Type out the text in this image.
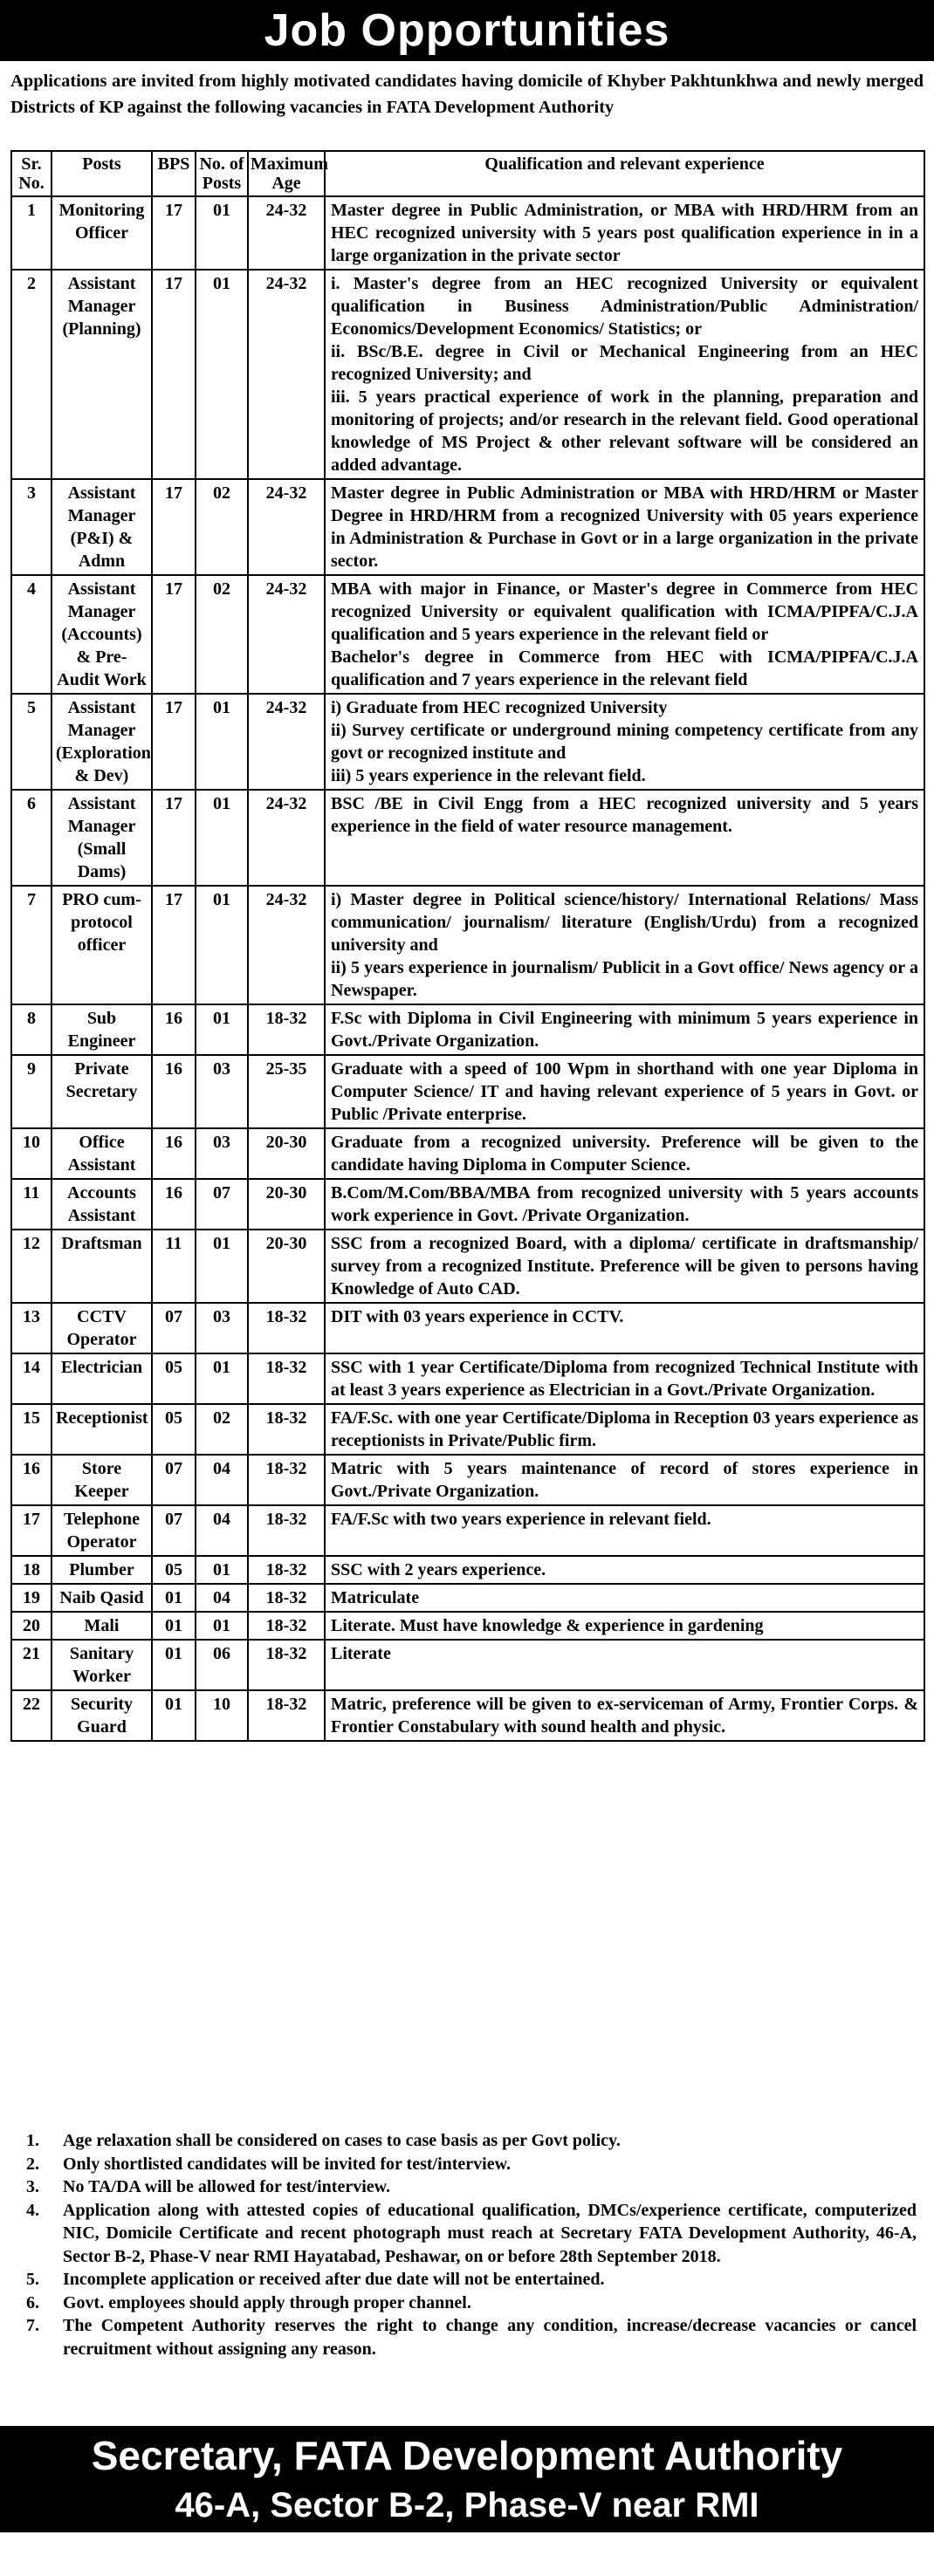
Job Opportunities
Applications are invited from highly motivated candidates having domicile of Khyber Pakhtunkhwa and newly merged Districts of KP against the following vacancies in FATA Development Authority
Sr. No.	Posts	BPS	No. of Posts	Maximum Age	Qualification and relevant experience
1	Monitoring Officer	17	01	24-32	Master degree in Public Administration, or MBA with HRD/HRM from an HEC recognized university with 5 years post qualification experience in in a large organization in the private sector

2	Assistant Manager (Planning)	17	01	24-32	i. Master's degree from an HEC recognized University or equivalent qualification in Business Administration/Public Administration/ Economics/Development Economics/ Statistics; or
ii. BSc/B.E. degree in Civil or Mechanical Engineering from an HEC recognized University; and
iii. 5 years practical experience of work in the planning, preparation and monitoring of projects; and/or research in the relevant field. Good operational knowledge of MS Project & other relevant software will be considered an added advantage.

3	Assistant Manager (P&I) & Admn	17	02	24-32	Master degree in Public Administration or MBA with HRD/HRM or Master Degree in HRD/HRM from a recognized University with 05 years experience in Administration & Purchase in Govt or in a large organization in the private sector.

4	Assistant Manager (Accounts) & Pre-Audit Work	17	02	24-32	MBA with major in Finance, or Master's degree in Commerce from HEC recognized University or equivalent qualification with ICMA/PIPFA/C.J.A qualification and 5 years experience in the relevant field or
Bachelor's degree in Commerce from HEC with ICMA/PIPFA/C.J.A qualification and 7 years experience in the relevant field

5	Assistant Manager (Exploration & Dev)	17	01	24-32	i) Graduate from HEC recognized University
ii) Survey certificate or underground mining competency certificate from any govt or recognized institute and
iii) 5 years experience in the relevant field.

6	Assistant Manager (Small Dams)	17	01	24-32	BSC /BE in Civil Engg from a HEC recognized university and 5 years experience in the field of water resource management.

7	PRO cum-protocol officer	17	01	24-32	i) Master degree in Political science/history/ International Relations/ Mass communication/ journalism/ literature (English/Urdu) from a recognized university and
ii) 5 years experience in journalism/ Publicit in a Govt office/ News agency or a Newspaper.

8	Sub Engineer	16	01	18-32	F.Sc with Diploma in Civil Engineering with minimum 5 years experience in Govt./Private Organization.

9	Private Secretary	16	03	25-35	Graduate with a speed of 100 Wpm in shorthand with one year Diploma in Computer Science/ IT and having relevant experience of 5 years in Govt. or Public /Private enterprise.

10	Office Assistant	16	03	20-30	Graduate from a recognized university. Preference will be given to the candidate having Diploma in Computer Science.

11	Accounts Assistant	16	07	20-30	B.Com/M.Com/BBA/MBA from recognized university with 5 years accounts work experience in Govt. /Private Organization.

12	Draftsman	11	01	20-30	SSC from a recognized Board, with a diploma/ certificate in draftsmanship/ survey from a recognized Institute. Preference will be given to persons having Knowledge of Auto CAD.

13	CCTV Operator	07	03	18-32	DIT with 03 years experience in CCTV.

14	Electrician	05	01	18-32	SSC with 1 year Certificate/Diploma from recognized Technical Institute with at least 3 years experience as Electrician in a Govt./Private Organization.

15	Receptionist	05	02	18-32	FA/F.Sc. with one year Certificate/Diploma in Reception 03 years experience as receptionists in Private/Public firm.

16	Store Keeper	07	04	18-32	Matric with 5 years maintenance of record of stores experience in Govt./Private Organization.

17	Telephone Operator	07	04	18-32	FA/F.Sc with two years experience in relevant field.

18	Plumber	05	01	18-32	SSC with 2 years experience.

19	Naib Qasid	01	04	18-32	Matriculate

20	Mali	01	01	18-32	Literate. Must have knowledge & experience in gardening

21	Sanitary Worker	01	06	18-32	Literate

22	Security Guard	01	10	18-32	Matric, preference will be given to ex-serviceman of Army, Frontier Corps. & Frontier Constabulary with sound health and physic.
1.	Age relaxation shall be considered on cases to case basis as per Govt policy.
2.	Only shortlisted candidates will be invited for test/interview.
3.	No TA/DA will be allowed for test/interview.
4.	Application along with attested copies of educational qualification, DMCs/experience certificate, computerized NIC, Domicile Certificate and recent photograph must reach at Secretary FATA Development Authority, 46-A, Sector B-2, Phase-V near RMI Hayatabad, Peshawar, on or before 28th September 2018.
5.	Incomplete application or received after due date will not be entertained.
6.	Govt. employees should apply through proper channel.
7.	The Competent Authority reserves the right to change any condition, increase/decrease vacancies or cancel recruitment without assigning any reason.
Secretary, FATA Development Authority
46-A, Sector B-2, Phase-V near RMI HayatabadPeshawar.
